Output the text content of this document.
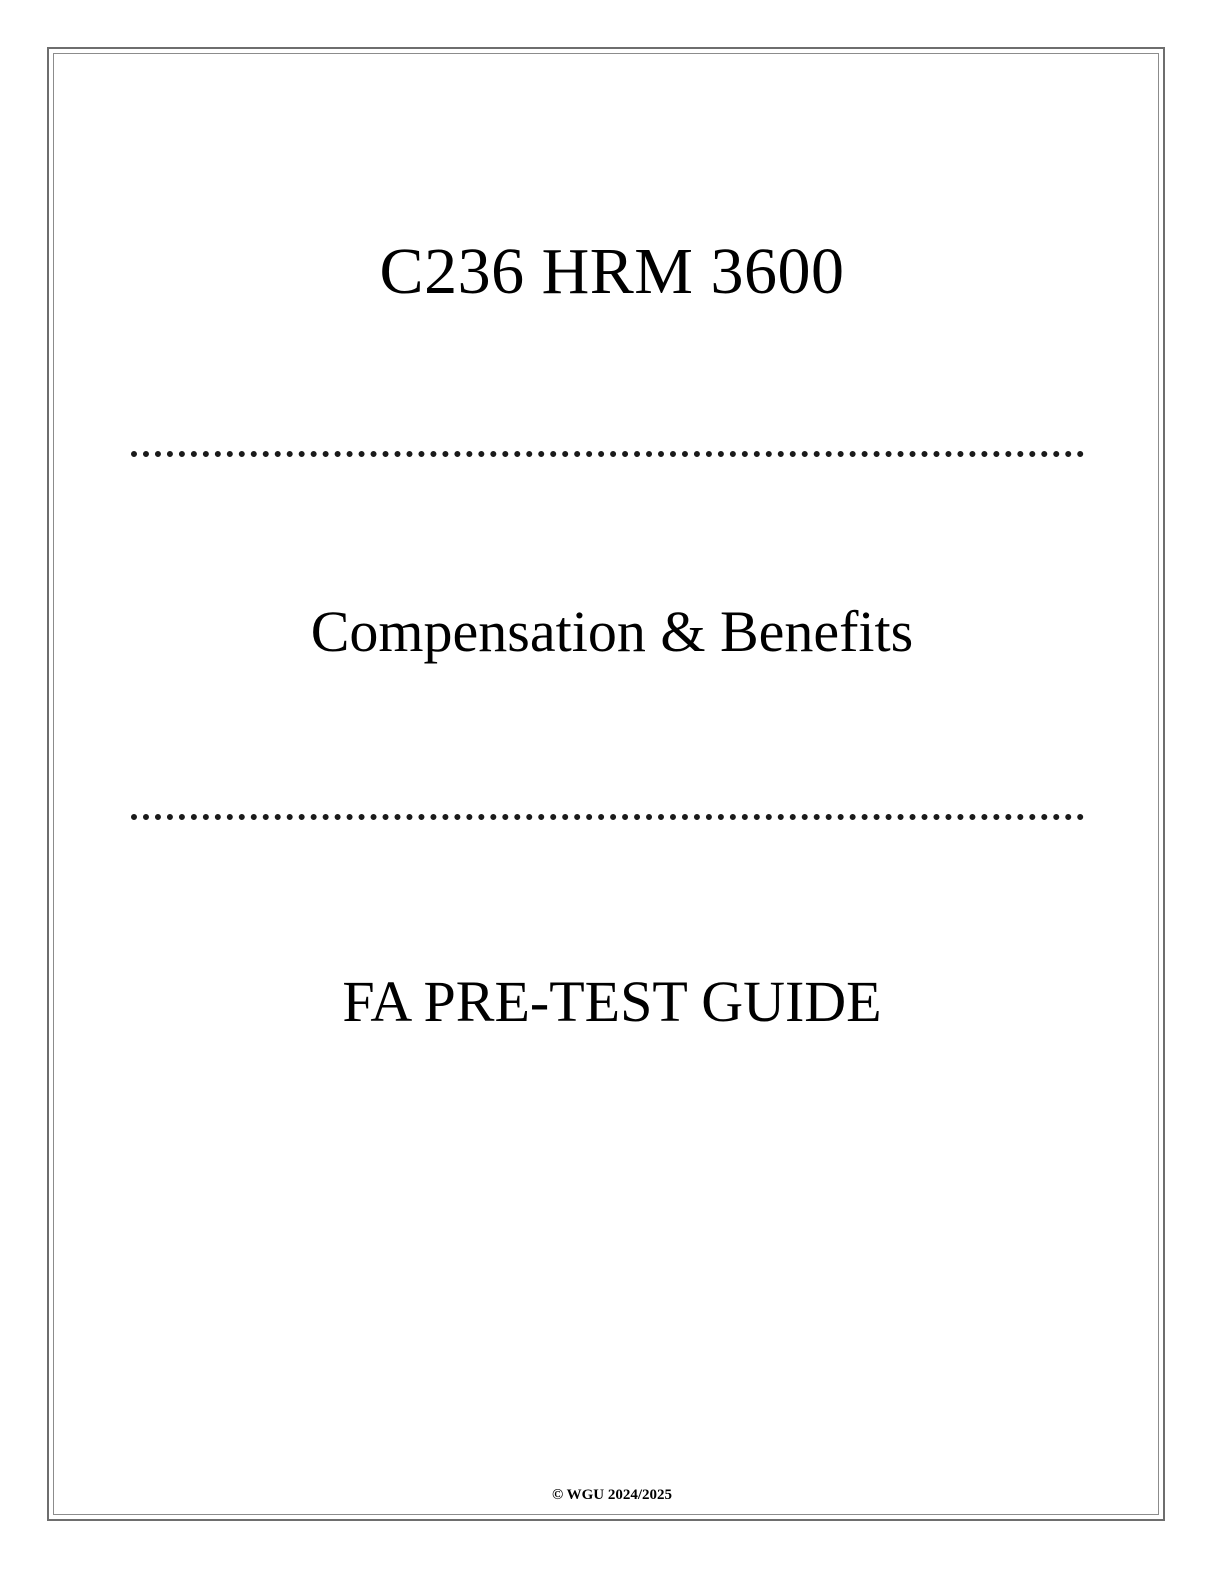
C236 HRM 3600
Compensation & Benefits
FA PRE-TEST GUIDE
© WGU 2024/2025
